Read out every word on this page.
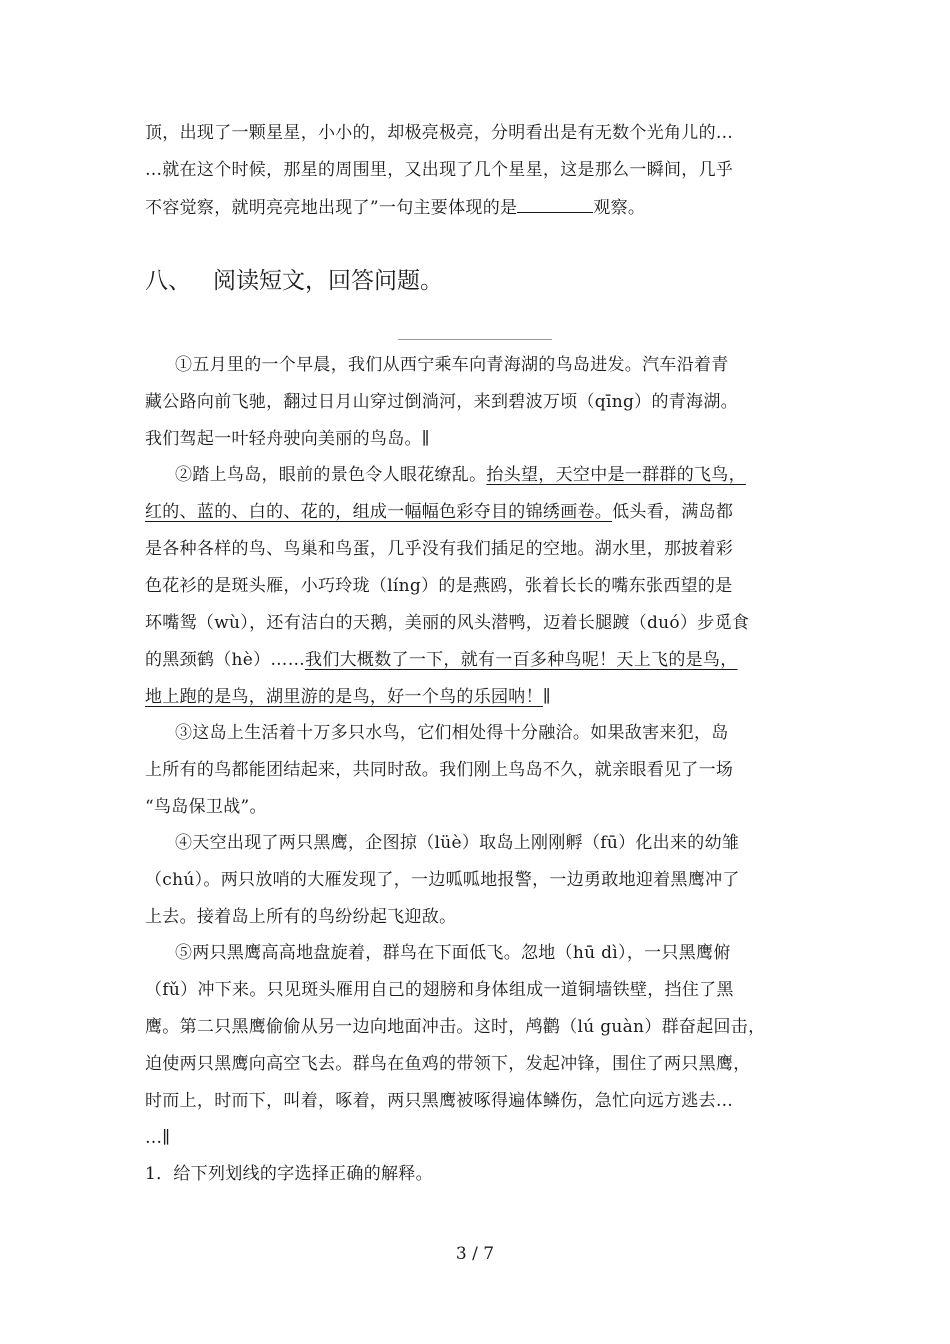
顶，出现了一颗星星，小小的，却极亮极亮，分明看出是有无数个光角儿的…
…就在这个时候，那星的周围里，又出现了几个星星，这是那么一瞬间，几乎
不容觉察，就明亮亮地出现了”一句主要体现的是	观察。
八、 阅读短文，回答问题。
①五月里的一个早晨，我们从西宁乘车向青海湖的鸟岛进发。汽车沿着青
藏公路向前飞驰，翻过日月山穿过倒淌河，来到碧波万顷（qīng）的青海湖。
我们驾起一叶轻舟驶向美丽的鸟岛。∥
②踏上鸟岛，眼前的景色令人眼花缭乱。抬头望，天空中是一群群的飞鸟，
红的、蓝的、白的、花的，组成一幅幅色彩夺目的锦绣画卷。低头看，满岛都
是各种各样的鸟、鸟巢和鸟蛋，几乎没有我们插足的空地。湖水里，那披着彩
色花衫的是斑头雁，小巧玲珑（líng）的是燕鸥，张着长长的嘴东张西望的是
环嘴鸳（wù），还有洁白的天鹅，美丽的风头潜鸭，迈着长腿踱（duó）步觅食
的黑颈鹤（hè）……我们大概数了一下，就有一百多种鸟呢！天上飞的是鸟，
地上跑的是鸟，湖里游的是鸟，好一个鸟的乐园呐！∥
③这岛上生活着十万多只水鸟，它们相处得十分融洽。如果敌害来犯，岛
上所有的鸟都能团结起来，共同时敌。我们刚上鸟岛不久，就亲眼看见了一场
“鸟岛保卫战”。
④天空出现了两只黑鹰，企图掠（lüè）取岛上刚刚孵（fū）化出来的幼雏
（chú）。两只放哨的大雁发现了，一边呱呱地报警，一边勇敢地迎着黑鹰冲了
上去。接着岛上所有的鸟纷纷起飞迎敌。
⑤两只黑鹰高高地盘旋着，群鸟在下面低飞。忽地（hū dì），一只黑鹰俯
（fǔ）冲下来。只见斑头雁用自己的翅膀和身体组成一道铜墙铁壁，挡住了黑
鹰。第二只黑鹰偷偷从另一边向地面冲击。这时，鸬鹳（lú guàn）群奋起回击，
迫使两只黑鹰向高空飞去。群鸟在鱼鸡的带领下，发起冲锋，围住了两只黑鹰，
时而上，时而下，叫着，啄着，两只黑鹰被啄得遍体鳞伤，急忙向远方逃去…
…∥
1．给下列划线的字选择正确的解释。
3 / 7
